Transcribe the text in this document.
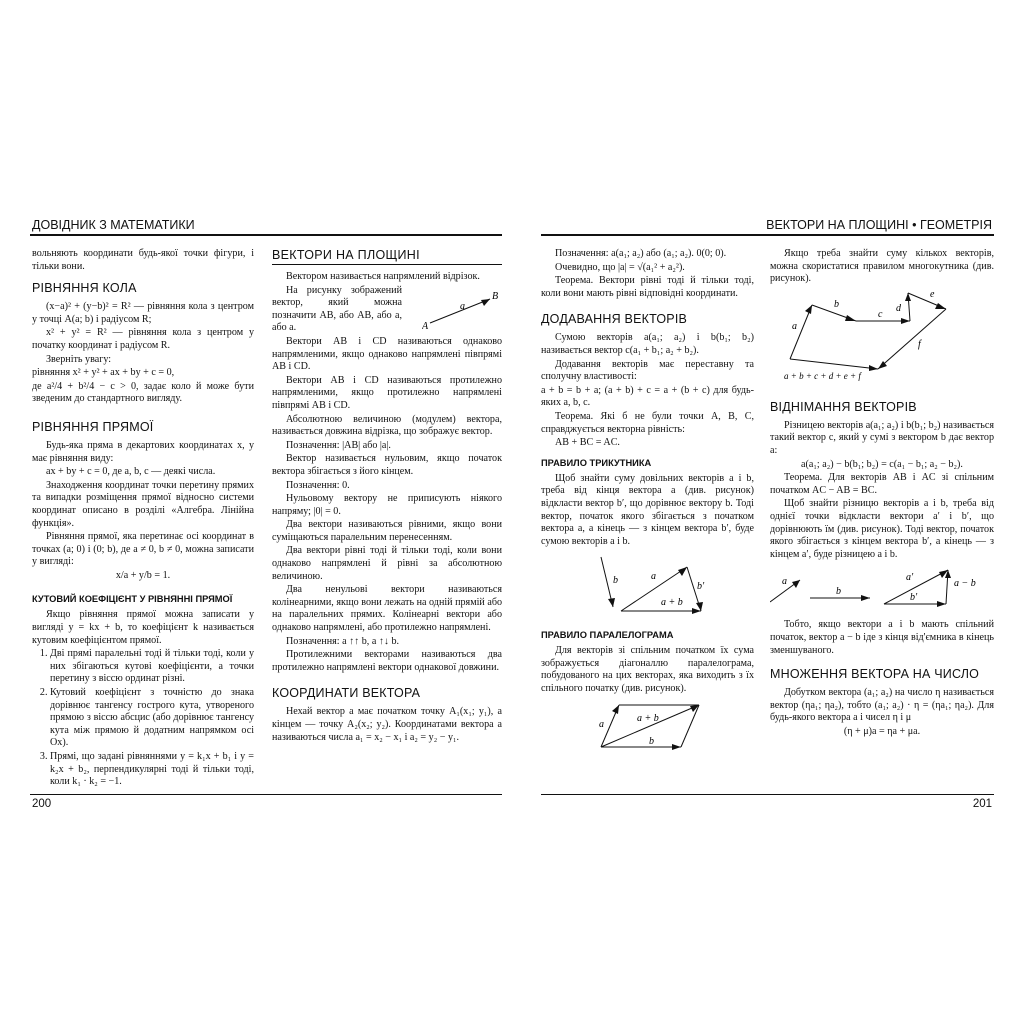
ДОВІДНИК З МАТЕМАТИКИ

вольняють координати будь-якої точки фігури, і тільки вони.

РІВНЯННЯ КОЛА

(x−a)² + (y−b)² = R² — рівняння кола з центром у точці A(a; b) і радіусом R;

x² + y² = R² — рівняння кола з центром у початку координат і радіусом R.

Зверніть увагу:

рівняння x² + y² + ax + by + c = 0,

де a²/4 + b²/4 − c > 0, задає коло й може бути зведеним до стандартного вигляду.

РІВНЯННЯ ПРЯМОЇ

Будь-яка пряма в декартових координатах x, y має рівняння виду:

ax + by + c = 0, де a, b, c — деякі числа.

Знаходження координат точки перетину прямих та випадки розміщення прямої відносно системи координат описано в розділі «Алгебра. Лінійна функція».

Рівняння прямої, яка перетинає осі координат в точках (a; 0) і (0; b), де a ≠ 0, b ≠ 0, можна записати у вигляді:

x/a + y/b = 1.

КУТОВИЙ КОЕФІЦІЄНТ У РІВНЯННІ ПРЯМОЇ

Якщо рівняння прямої можна записати у вигляді y = kx + b, то коефіцієнт k називається кутовим коефіцієнтом прямої.

1. Дві прямі паралельні тоді й тільки тоді, коли у них збігаються кутові коефіцієнти, а точки перетину з віссю ординат різні.
2. Кутовий коефіцієнт з точністю до знака дорівнює тангенсу гострого кута, утвореного прямою з віссю абсцис (або дорівнює тангенсу кута між прямою й додатним напрямком осі Ox).
3. Прямі, що задані рівняннями y = k₁x + b₁ і y = k₂x + b₂, перпендикулярні тоді й тільки тоді, коли k₁ · k₂ = −1.
ВЕКТОРИ НА ПЛОЩИНІ

Вектором називається напрямлений відрізок.

На рисунку зображений вектор, який можна позначити AB, або AB, або a, або a.	A
B
a

Вектори AB і CD називаються однаково напрямленими, якщо однаково напрямлені півпрямі AB і CD.

Вектори AB і CD називаються протилежно напрямленими, якщо протилежно напрямлені півпрямі AB і CD.

Абсолютною величиною (модулем) вектора, називається довжина відрізка, що зображує вектор.

Позначення: |AB| або |a|.

Вектор називається нульовим, якщо початок вектора збігається з його кінцем.

Позначення: 0.

Нульовому вектору не приписують ніякого напряму; |0| = 0.

Два вектори називаються рівними, якщо вони суміщаються паралельним перенесенням.

Два вектори рівні тоді й тільки тоді, коли вони однаково напрямлені й рівні за абсолютною величиною.

Два ненульові вектори називаються колінеарними, якщо вони лежать на одній прямій або на паралельних прямих. Колінеарні вектори або однаково напрямлені, або протилежно напрямлені.

Позначення: a ↑↑ b, a ↑↓ b.

Протилежними векторами називаються два протилежно напрямлені вектори однакової довжини.

КООРДИНАТИ ВЕКТОРА

Нехай вектор a має початком точку A₁(x₁; y₁), а кінцем — точку A₂(x₂; y₂). Координатами вектора a називаються числа a₁ = x₂ − x₁ і a₂ = y₂ − y₁.

200
ВЕКТОРИ НА ПЛОЩИНІ • ГЕОМЕТРІЯ

Позначення: a(a₁; a₂) або (a₁; a₂). 0(0; 0).

Очевидно, що |a| = √(a₁² + a₂²).

Теорема. Вектори рівні тоді й тільки тоді, коли вони мають рівні відповідні координати.

ДОДАВАННЯ ВЕКТОРІВ

Сумою векторів a(a₁; a₂) і b(b₁; b₂) називається вектор c(a₁ + b₁; a₂ + b₂).

Додавання векторів має переставну та сполучну властивості:

a + b = b + a; (a + b) + c = a + (b + c) для будь-яких a, b, c.

Теорема. Які б не були точки A, B, C, справджується векторна рівність:

AB + BC = AC.

ПРАВИЛО ТРИКУТНИКА

Щоб знайти суму довільних векторів a і b, треба від кінця вектора a (див. рисунок) відкласти вектор b′, що дорівнює вектору b. Тоді вектор, початок якого збігається з початком вектора a, а кінець — з кінцем вектора b′, буде сумою векторів a і b.

b	a
b′
a + b
ПРАВИЛО ПАРАЛЕЛОГРАМА

Для векторів зі спільним початком їх сума зображується діагоналлю паралелограма, побудованого на цих векторах, яка виходить з їх спільного початку (див. рисунок).

a
b
a + b

Якщо треба знайти суму кількох векторів, можна скористатися правилом многокутника (див. рисунок).

a
b
c
d
e
f
a + b + c + d + e + f
ВІДНІМАННЯ ВЕКТОРІВ

Різницею векторів a(a₁; a₂) і b(b₁; b₂) називається такий вектор c, який у сумі з вектором b дає вектор a:

a(a₁; a₂) − b(b₁; b₂) = c(a₁ − b₁; a₂ − b₂).

Теорема. Для векторів AB і AC зі спільним початком AC − AB = BC.

Щоб знайти різницю векторів a і b, треба від однієї точки відкласти вектори a′ і b′, що дорівнюють їм (див. рисунок). Тоді вектор, початок якого збігається з кінцем вектора b′, а кінець — з кінцем a′, буде різницею a і b.

a
b
a′
b′
a − b

Тобто, якщо вектори a і b мають спільний початок, вектор a − b іде з кінця від'ємника в кінець зменшуваного.

МНОЖЕННЯ ВЕКТОРА НА ЧИСЛО

Добутком вектора (a₁; a₂) на число η називається вектор (ηa₁; ηa₂), тобто (a₁; a₂) · η = (ηa₁; ηa₂). Для будь-якого вектора a і чисел η і μ

(η + μ)a = ηa + μa.

201
